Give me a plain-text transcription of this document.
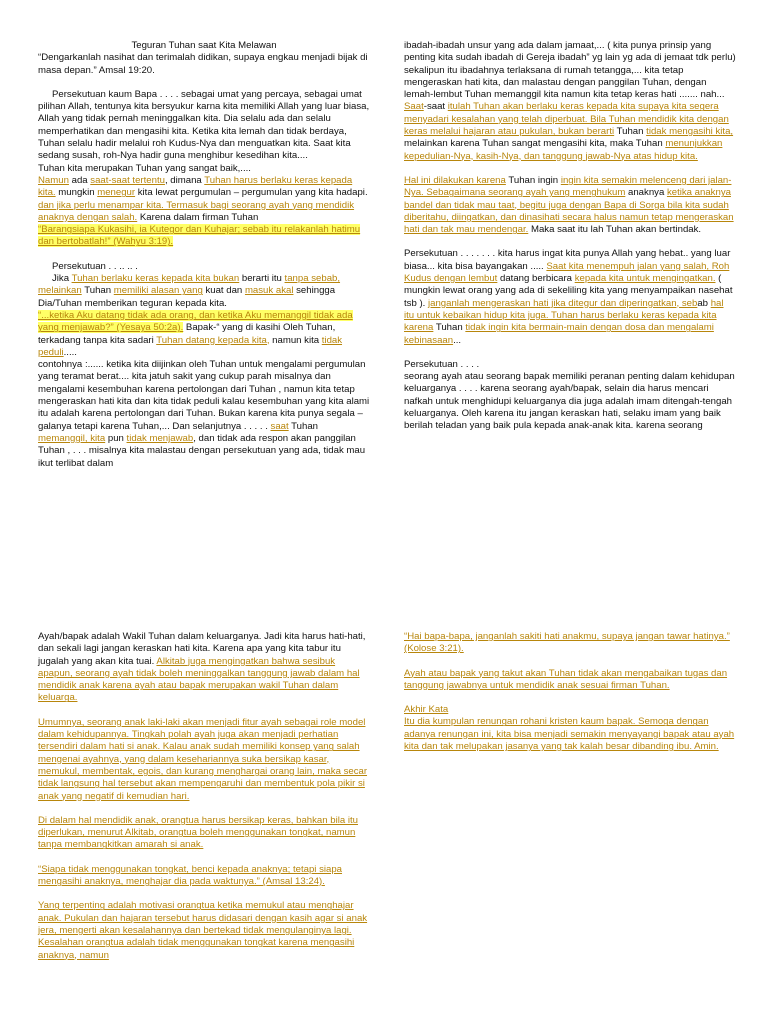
Teguran Tuhan saat Kita Melawan

“Dengarkanlah nasihat dan terimalah didikan, supaya engkau menjadi bijak di masa depan.” Amsal 19:20.

Persekutuan kaum Bapa . . . . sebagai umat yang percaya, sebagai umat pilihan Allah, tentunya kita bersyukur karna kita memiliki Allah yang luar biasa, Allah yang tidak pernah meninggalkan kita. Dia selalu ada dan selalu memperhatikan dan mengasihi kita. Ketika kita lemah dan tidak berdaya, Tuhan selalu hadir melalui roh Kudus-Nya dan menguatkan kita. Saat kita sedang susah, roh-Nya hadir guna menghibur kesedihan kita....

Tuhan kita merupakan Tuhan yang sangat baik,....

Namun ada saat-saat tertentu, dimana Tuhan harus berlaku keras kepada kita. mungkin menegur kita lewat pergumulan – pergumulan yang kita hadapi. dan jika perlu menampar kita. Termasuk bagi seorang ayah yang mendidik anaknya dengan salah. Karena dalam firman Tuhan
“Barangsiapa Kukasihi, ia Kutegor dan Kuhajar; sebab itu relakanlah hatimu dan bertobatlah!” (Wahyu 3:19).

Persekutuan . . .. .. .

Jika Tuhan berlaku keras kepada kita bukan berarti itu tanpa sebab, melainkan Tuhan memiliki alasan yang kuat dan masuk akal sehingga Dia/Tuhan memberikan teguran kepada kita.
“...ketika Aku datang tidak ada orang, dan ketika Aku memanggil tidak ada yang menjawab?” (Yesaya 50:2a). Bapak-“ yang di kasihi Oleh Tuhan, terkadang tanpa kita sadari Tuhan datang kepada kita, namun kita tidak peduli.....
contohnya :...... ketika kita diijinkan oleh Tuhan untuk mengalami pergumulan yang teramat berat.... kita jatuh sakit yang cukup parah misalnya dan mengalami kesembuhan karena pertolongan dari Tuhan , namun kita tetap mengeraskan hati kita dan kita tidak peduli kalau kesembuhan yang kita alami itu adalah karena pertolongan dari Tuhan. Bukan karena kita punya segala –galanya tetapi karena Tuhan,... Dan selanjutnya . . . . . saat Tuhan memanggil, kita pun tidak menjawab, dan tidak ada respon akan panggilan Tuhan , . . . misalnya kita malastau dengan persekutuan yang ada, tidak mau ikut terlibat dalam

ibadah-ibadah unsur yang ada dalam jamaat,... ( kita punya prinsip yang penting kita sudah ibadah di Gereja ibadah” yg lain yg ada di jemaat tdk perlu) sekalipun itu ibadahnya terlaksana di rumah tetangga,... kita tetap mengeraskan hati kita, dan malastau dengan panggilan Tuhan, dengan lemah-lembut Tuhan memanggil kita namun kita tetap keras hati ....... nah... Saat-saat itulah Tuhan akan berlaku keras kepada kita supaya kita segera menyadari kesalahan yang telah diperbuat. Bila Tuhan mendidik kita dengan keras melalui hajaran atau pukulan, bukan berarti Tuhan tidak mengasihi kita, melainkan karena Tuhan sangat mengasihi kita, maka Tuhan menunjukkan kepedulian-Nya, kasih-Nya, dan tanggung jawab-Nya atas hidup kita.

Hal ini dilakukan karena Tuhan ingin ingin kita semakin melenceng dari jalan-Nya. Sebagaimana seorang ayah yang menghukum anaknya ketika anaknya bandel dan tidak mau taat, begitu juga dengan Bapa di Sorga bila kita sudah diberitahu, diingatkan, dan dinasihati secara halus namun tetap mengeraskan hati dan tak mau mendengar. Maka saat itu lah Tuhan akan bertindak.

Persekutuan . . . . . . . kita harus ingat kita punya Allah yang hebat.. yang luar biasa... kita bisa bayangakan ..... Saat kita menempuh jalan yang salah, Roh Kudus dengan lembut datang berbicara kepada kita untuk mengingatkan. ( mungkin lewat orang yang ada di sekeliling kita yang menyampaikan nasehat tsb ). janganlah mengeraskan hati jika ditegur dan diperingatkan, sebab hal itu untuk kebaikan hidup kita juga. Tuhan harus berlaku keras kepada kita karena Tuhan tidak ingin kita bermain-main dengan dosa dan mengalami kebinasaan...

Persekutuan . . . .

seorang ayah atau seorang bapak memiliki peranan penting dalam kehidupan keluarganya . . . . karena seorang ayah/bapak, selain dia harus mencari nafkah untuk menghidupi keluarganya dia juga adalah imam ditengah-tengah keluarganya. Oleh karena itu jangan keraskan hati, selaku imam yang baik berilah teladan yang baik pula kepada anak-anak kita. karena seorang

Ayah/bapak adalah Wakil Tuhan dalam keluarganya. Jadi kita harus hati-hati, dan sekali lagi jangan keraskan hati kita. Karena apa yang kita tabur itu jugalah yang akan kita tuai. Alkitab juga mengingatkan bahwa sesibuk apapun, seorang ayah tidak boleh meninggalkan tanggung jawab dalam hal mendidik anak karena ayah atau bapak merupakan wakil Tuhan dalam keluarga.

Umumnya, seorang anak laki-laki akan menjadi fitur ayah sebagai role model dalam kehidupannya. Tingkah polah ayah juga akan menjadi perhatian tersendiri dalam hati si anak. Kalau anak sudah memiliki konsep yang salah mengenai ayahnya, yang dalam kesehariannya suka bersikap kasar, memukul, membentak, egois, dan kurang menghargai orang lain, maka secar tidak langsung hal tersebut akan mempengaruhi dan membentuk pola pikir si anak yang negatif di kemudian hari.

Di dalam hal mendidik anak, orangtua harus bersikap keras, bahkan bila itu diperlukan, menurut Alkitab, orangtua boleh menggunakan tongkat, namun tanpa membangkitkan amarah si anak.

“Siapa tidak menggunakan tongkat, benci kepada anaknya; tetapi siapa mengasihi anaknya, menghajar dia pada waktunya.” (Amsal 13:24).

Yang terpenting adalah motivasi orangtua ketika memukul atau menghajar anak. Pukulan dan hajaran tersebut harus didasari dengan kasih agar si anak jera, mengerti akan kesalahannya dan bertekad tidak mengulanginya lagi. Kesalahan orangtua adalah tidak menggunakan tongkat karena mengasihi anaknya, namun

“Hai bapa-bapa, janganlah sakiti hati anakmu, supaya jangan tawar hatinya.” (Kolose 3:21).

Ayah atau bapak yang takut akan Tuhan tidak akan mengabaikan tugas dan tanggung jawabnya untuk mendidik anak sesuai firman Tuhan.

Akhir Kata

Itu dia kumpulan renungan rohani kristen kaum bapak. Semoga dengan adanya renungan ini, kita bisa menjadi semakin menyayangi bapak atau ayah kita dan tak melupakan jasanya yang tak kalah besar dibanding ibu. Amin.
